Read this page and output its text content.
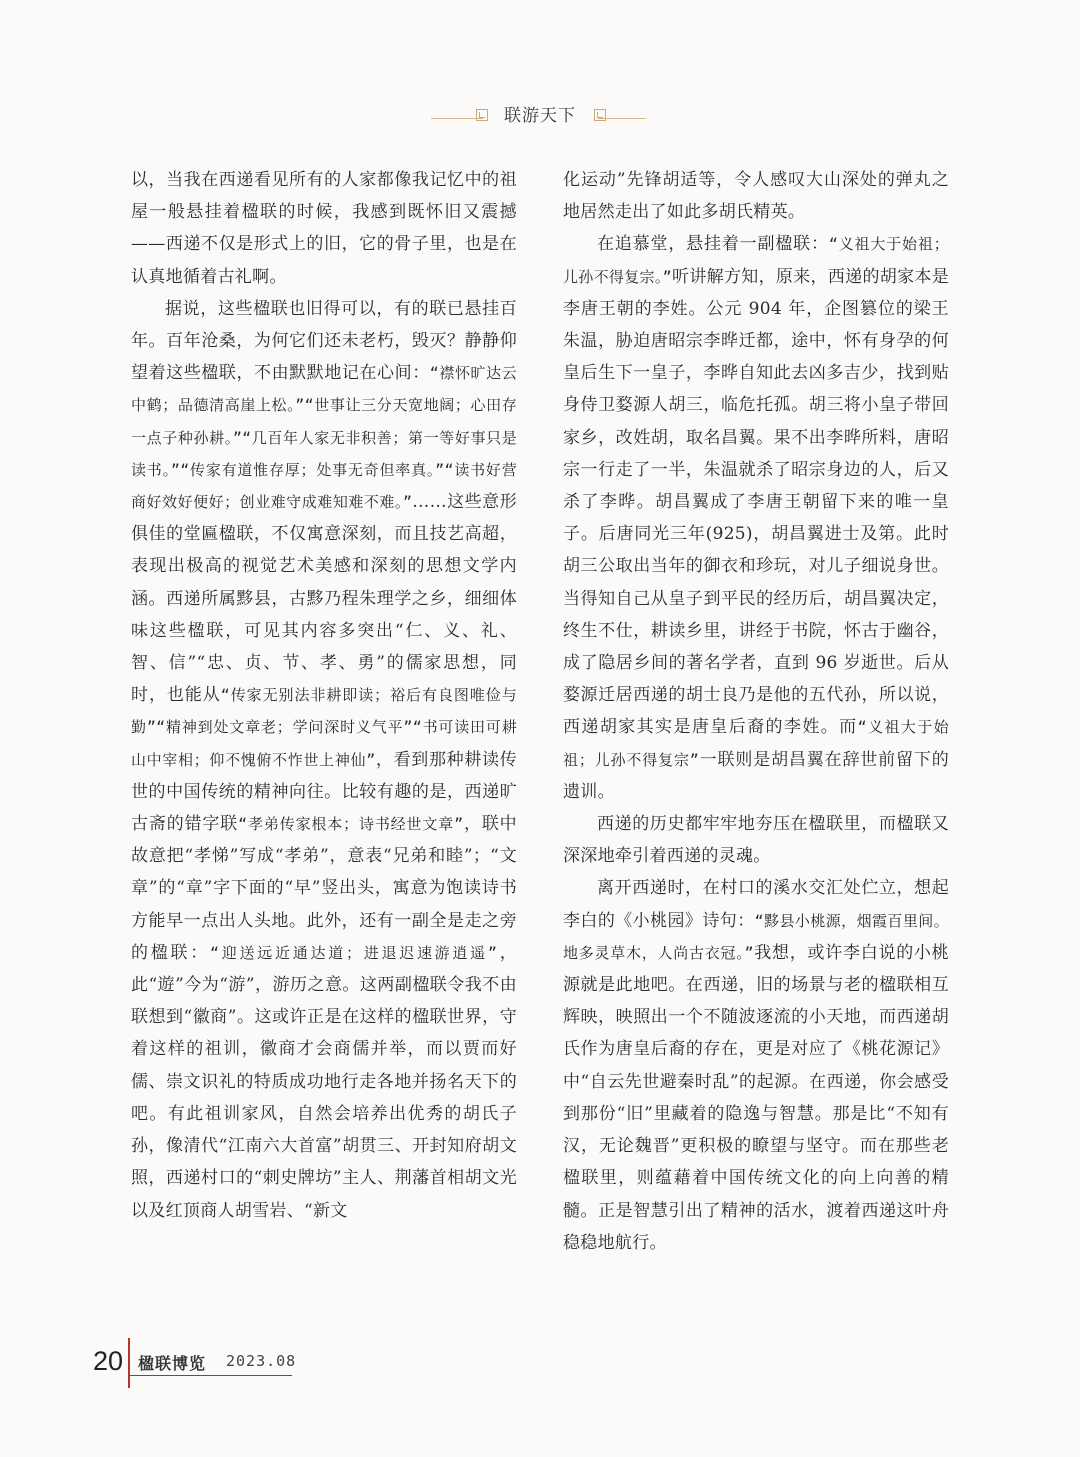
联游天下

以，当我在西递看见所有的人家都像我记忆中的祖屋一般悬挂着楹联的时候，我感到既怀旧又震撼——西递不仅是形式上的旧，它的骨子里，也是在认真地循着古礼啊。

据说，这些楹联也旧得可以，有的联已悬挂百年。百年沧桑，为何它们还未老朽，毁灭？静静仰望着这些楹联，不由默默地记在心间：“襟怀旷达云中鹤；品德清高崖上松。”“世事让三分天宽地阔；心田存一点子种孙耕。”“几百年人家无非积善；第一等好事只是读书。”“传家有道惟存厚；处事无奇但率真。”“读书好营商好效好便好；创业难守成难知难不难。”……这些意形俱佳的堂匾楹联，不仅寓意深刻，而且技艺高超，表现出极高的视觉艺术美感和深刻的思想文学内涵。西递所属黟县，古黟乃程朱理学之乡，细细体味这些楹联，可见其内容多突出“仁、义、礼、智、信”“忠、贞、节、孝、勇”的儒家思想，同时，也能从“传家无别法非耕即读；裕后有良图唯俭与勤”“精神到处文章老；学问深时义气平”“书可读田可耕山中宰相；仰不愧俯不怍世上神仙”，看到那种耕读传世的中国传统的精神向往。比较有趣的是，西递旷古斋的错字联“孝弟传家根本；诗书经世文章”，联中故意把“孝悌”写成“孝弟”，意表“兄弟和睦”；“文章”的“章”字下面的“早”竖出头，寓意为饱读诗书方能早一点出人头地。此外，还有一副全是走之旁的楹联：“迎送远近通达道；进退迟速游逍遥”，此“遊”今为“游”，游历之意。这两副楹联令我不由联想到“徽商”。这或许正是在这样的楹联世界，守着这样的祖训，徽商才会商儒并举，而以贾而好儒、崇文识礼的特质成功地行走各地并扬名天下的吧。有此祖训家风，自然会培养出优秀的胡氏子孙，像清代“江南六大首富”胡贯三、开封知府胡文照，西递村口的“刺史牌坊”主人、荆藩首相胡文光以及红顶商人胡雪岩、“新文

化运动”先锋胡适等，令人感叹大山深处的弹丸之地居然走出了如此多胡氏精英。

在追慕堂，悬挂着一副楹联：“义祖大于始祖；儿孙不得复宗。”听讲解方知，原来，西递的胡家本是李唐王朝的李姓。公元 904 年，企图篡位的梁王朱温，胁迫唐昭宗李晔迁都，途中，怀有身孕的何皇后生下一皇子，李晔自知此去凶多吉少，找到贴身侍卫婺源人胡三，临危托孤。胡三将小皇子带回家乡，改姓胡，取名昌翼。果不出李晔所料，唐昭宗一行走了一半，朱温就杀了昭宗身边的人，后又杀了李晔。胡昌翼成了李唐王朝留下来的唯一皇子。后唐同光三年(925)，胡昌翼进士及第。此时胡三公取出当年的御衣和珍玩，对儿子细说身世。当得知自己从皇子到平民的经历后，胡昌翼决定，终生不仕，耕读乡里，讲经于书院，怀古于幽谷，成了隐居乡间的著名学者，直到 96 岁逝世。后从婺源迁居西递的胡士良乃是他的五代孙，所以说，西递胡家其实是唐皇后裔的李姓。而“义祖大于始祖；儿孙不得复宗”一联则是胡昌翼在辞世前留下的遗训。

西递的历史都牢牢地夯压在楹联里，而楹联又深深地牵引着西递的灵魂。

离开西递时，在村口的溪水交汇处伫立，想起李白的《小桃园》诗句：“黟县小桃源，烟霞百里间。地多灵草木，人尚古衣冠。”我想，或许李白说的小桃源就是此地吧。在西递，旧的场景与老的楹联相互辉映，映照出一个不随波逐流的小天地，而西递胡氏作为唐皇后裔的存在，更是对应了《桃花源记》中“自云先世避秦时乱”的起源。在西递，你会感受到那份“旧”里藏着的隐逸与智慧。那是比“不知有汉，无论魏晋”更积极的瞭望与坚守。而在那些老楹联里，则蕴藉着中国传统文化的向上向善的精髓。正是智慧引出了精神的活水，渡着西递这叶舟稳稳地航行。

20 楹联博览 2023.08
